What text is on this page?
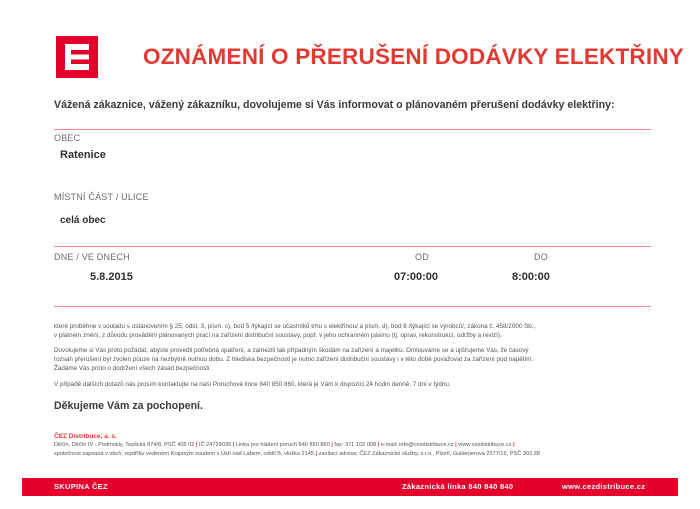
OZNÁMENÍ O PŘERUŠENÍ DODÁVKY ELEKTŘINY
Vážená zákaznice, vážený zákazníku, dovolujeme si Vás informovat o plánovaném přerušení dodávky elektřiny:
OBEC
Ratenice
MÍSTNÍ ČÁST / ULICE
celá obec
DNE / VE DNECH	OD	DO
5.8.2015	07:00:00	8:00:00

které proběhne v souladu s ustanovením § 25, odst. 3, písm. c), bod 5 /týkající se účastníků trhu s elektřinou/ a písm. d), bod 6 /týkající se výrobců/, zákona č. 458/2000 Sb.,

v platném znění, z důvodu provádění plánovaných prací na zařízení distribuční soustavy, popř. v jeho ochranném pásmu (tj. oprav, rekonstrukcí, údržby a revizí).

Dovolujeme si Vás proto požádat, abyste provedli potřebná opatření, a zamezili tak případným škodám na zařízení a majetku. Omlouváme se a ujišťujeme Vás, že časový

rozsah přerušení byl zvolen pouze na nezbytně nutnou dobu. Z hlediska bezpečnosti je nutno zařízení distribuční soustavy i v této době považovat za zařízení pod napětím.

Žádáme Vás proto o dodržení všech zásad bezpečnosti.

V případě dalších dotazů nás prosím kontaktujte na naší Poruchové lince 840 850 860, která je Vám k dispozici 24 hodin denně, 7 dní v týdnu.

Děkujeme Vám za pochopení.
ČEZ Distribuce, a. s.
Děčín, Děčín IV - Podmokly, Teplická 874/8, PSČ 405 02 | IČ 24729035 | Linka pro hlášení poruch 840 850 860 | fax: 371 102 008 | e-mail: info@cezdistribuce.cz | www.cezdistribuce.cz |
společnost zapsaná v obch. rejstříku vedeném Krajským soudem v Ústí nad Labem, oddíl B, vložka 2145 | zasílací adresa: ČEZ Zákaznické služby, s.r.o., Plzeň, Guldenerova 2577/19, PSČ 303 28
SKUPINA ČEZ	Zákaznická linka 840 840 840	www.cezdistribuce.cz
